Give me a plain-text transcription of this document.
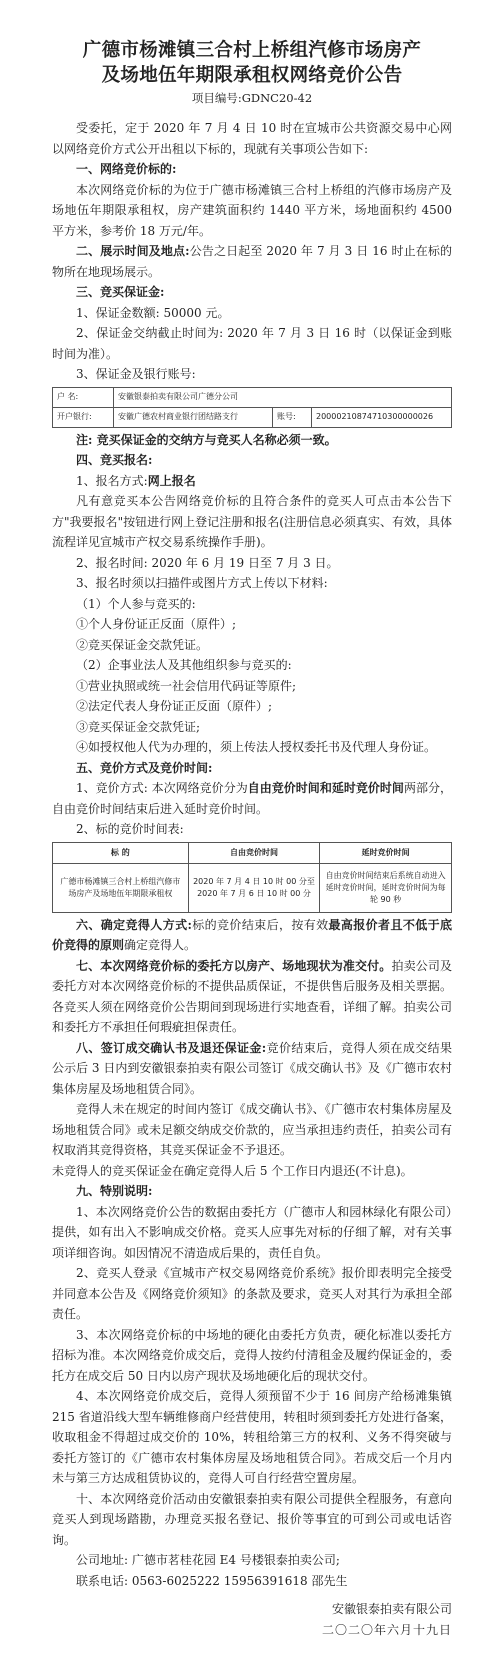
广德市杨滩镇三合村上桥组汽修市场房产
及场地伍年期限承租权网络竞价公告
项目编号:GDNC20-42

受委托，定于 2020 年 7 月 4 日 10 时在宣城市公共资源交易中心网以网络竞价方式公开出租以下标的，现就有关事项公告如下:

一、网络竞价标的:

本次网络竞价标的为位于广德市杨滩镇三合村上桥组的汽修市场房产及场地伍年期限承租权，房产建筑面积约 1440 平方米，场地面积约 4500 平方米，参考价 18 万元/年。

二、展示时间及地点:公告之日起至 2020 年 7 月 3 日 16 时止在标的物所在地现场展示。

三、竞买保证金:

1、保证金数额: 50000 元。

2、保证金交纳截止时间为: 2020 年 7 月 3 日 16 时（以保证金到账时间为准）。

3、保证金及银行账号:

户 名:	安徽银泰拍卖有限公司广德分公司		
开户银行:	安徽广德农村商业银行团结路支行	账号:	20000210874710300000026

注: 竞买保证金的交纳方与竞买人名称必须一致。

四、竞买报名:

1、报名方式:网上报名

凡有意竞买本公告网络竞价标的且符合条件的竞买人可点击本公告下方"我要报名"按钮进行网上登记注册和报名(注册信息必须真实、有效，具体流程详见宣城市产权交易系统操作手册)。

2、报名时间: 2020 年 6 月 19 日至 7 月 3 日。

3、报名时须以扫描件或图片方式上传以下材料:

（1）个人参与竞买的:

①个人身份证正反面（原件）;

②竞买保证金交款凭证。

（2）企事业法人及其他组织参与竞买的:

①营业执照或统一社会信用代码证等原件;

②法定代表人身份证正反面（原件）;

③竞买保证金交款凭证;

④如授权他人代为办理的，须上传法人授权委托书及代理人身份证。

五、竞价方式及竞价时间:

1、竞价方式: 本次网络竞价分为自由竞价时间和延时竞价时间两部分，自由竞价时间结束后进入延时竞价时间。

2、标的竞价时间表:

标 的	自由竞价时间	延时竞价时间
广德市杨滩镇三合村上桥组汽修市场房产及场地伍年期限承租权	2020 年 7 月 4 日 10 时 00 分至 2020 年 7 月 6 日 10 时 00 分	自由竞价时间结束后系统自动进入延时竞价时间，延时竞价时间为每轮 90 秒

六、确定竞得人方式:标的竞价结束后，按有效最高报价者且不低于底价竞得的原则确定竞得人。

七、本次网络竞价标的委托方以房产、场地现状为准交付。拍卖公司及委托方对本次网络竞价标的不提供品质保证，不提供售后服务及相关票据。各竞买人须在网络竞价公告期间到现场进行实地查看，详细了解。拍卖公司和委托方不承担任何瑕疵担保责任。

八、签订成交确认书及退还保证金:竞价结束后，竞得人须在成交结果公示后 3 日内到安徽银泰拍卖有限公司签订《成交确认书》及《广德市农村集体房屋及场地租赁合同》。

竞得人未在规定的时间内签订《成交确认书》、《广德市农村集体房屋及场地租赁合同》或未足额交纳成交价款的，应当承担违约责任，拍卖公司有权取消其竞得资格，其竞买保证金不予退还。

未竞得人的竞买保证金在确定竞得人后 5 个工作日内退还(不计息)。

九、特别说明:

1、本次网络竞价公告的数据由委托方（广德市人和园林绿化有限公司）提供，如有出入不影响成交价格。竞买人应事先对标的仔细了解，对有关事项详细咨询。如因情况不清造成后果的，责任自负。

2、竞买人登录《宣城市产权交易网络竞价系统》报价即表明完全接受并同意本公告及《网络竞价须知》的条款及要求，竞买人对其行为承担全部责任。

3、本次网络竞价标的中场地的硬化由委托方负责，硬化标准以委托方招标为准。本次网络竞价成交后，竞得人按约付清租金及履约保证金的，委托方在成交后 50 日内以房产现状及场地硬化后的现状交付。

4、本次网络竞价成交后，竞得人须预留不少于 16 间房产给杨滩集镇 215 省道沿线大型车辆维修商户经营使用，转租时须到委托方处进行备案，收取租金不得超过成交价的 10%，转租给第三方的权利、义务不得突破与委托方签订的《广德市农村集体房屋及场地租赁合同》。若成交后一个月内未与第三方达成租赁协议的，竞得人可自行经营空置房屋。

十、本次网络竞价活动由安徽银泰拍卖有限公司提供全程服务，有意向竞买人到现场踏勘，办理竞买报名登记、报价等事宜的可到公司或电话咨询。

公司地址: 广德市茗桂花园 E4 号楼银泰拍卖公司;

联系电话: 0563-6025222 15956391618 邵先生

安徽银泰拍卖有限公司
二〇二〇年六月十九日
